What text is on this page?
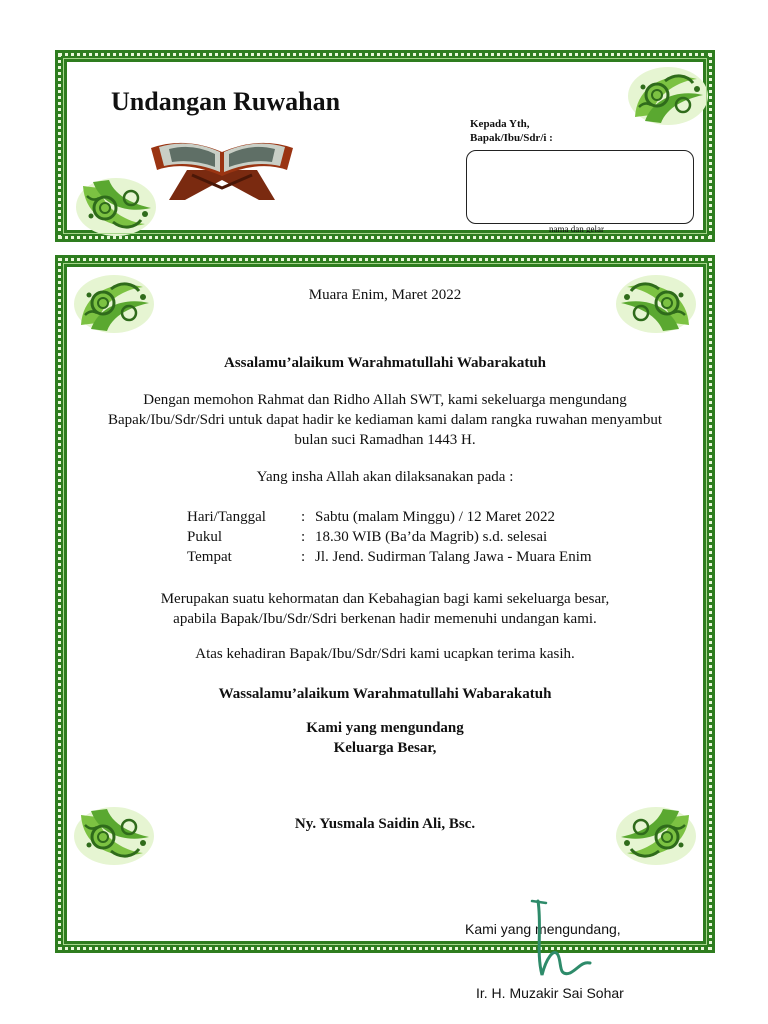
Undangan Ruwahan
Kepada Yth,
Bapak/Ibu/Sdr/i :
nama dan gelar
Muara Enim, Maret 2022
Assalamu’alaikum Warahmatullahi Wabarakatuh
Dengan memohon Rahmat dan Ridho Allah SWT, kami sekeluarga mengundang
Bapak/Ibu/Sdr/Sdri untuk dapat hadir ke kediaman kami dalam rangka ruwahan menyambut
bulan suci Ramadhan 1443 H.
Yang insha Allah akan dilaksanakan pada :
Hari/Tanggal : Sabtu (malam Minggu) / 12 Maret 2022
Pukul	: 18.30 WIB (Ba’da Magrib) s.d. selesai
Tempat	: Jl. Jend. Sudirman Talang Jawa - Muara Enim
Merupakan suatu kehormatan dan Kebahagian bagi kami sekeluarga besar,
apabila Bapak/Ibu/Sdr/Sdri berkenan hadir memenuhi undangan kami.
Atas kehadiran Bapak/Ibu/Sdr/Sdri kami ucapkan terima kasih.
Wassalamu’alaikum Warahmatullahi Wabarakatuh
Kami yang mengundang
Keluarga Besar,
Ny. Yusmala Saidin Ali, Bsc.
Kami yang mengundang,
Ir. H. Muzakir Sai Sohar
